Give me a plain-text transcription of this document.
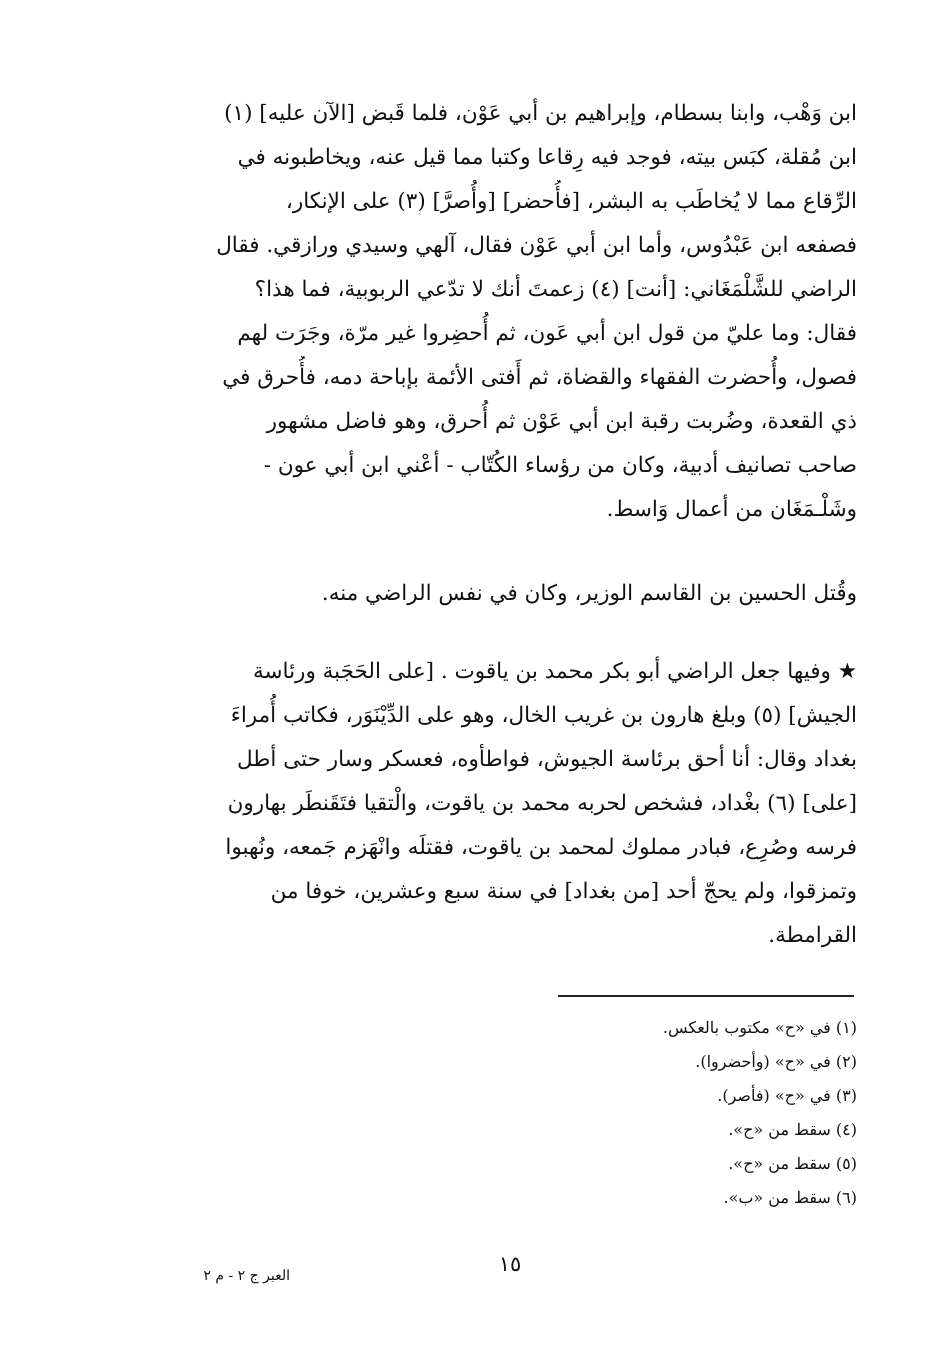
ابن وَهْب، وابنا بسطام، وإبراهيم بن أبي عَوْن، فلما قَبض [الآن عليه] (١)
ابن مُقلة، كبَس بيته، فوجد فيه رِقاعا وكتبا مما قيل عنه، ويخاطبونه في
الرِّقاع مما لا يُخاطَب به البشر، [فأُحضر] [وأُصرَّ] (٣) على الإنكار،
فصفعه ابن عَبْدُوس، وأما ابن أبي عَوْن فقال، آلهي وسيدي ورازقي. فقال
الراضي للشَّلْمَغَاني: [أنت] (٤) زعمتَ أنك لا تدّعي الربوبية، فما هذا؟
فقال: وما عليّ من قول ابن أبي عَون، ثم أُحضِروا غير مرّة، وجَرَت لهم
فصول، وأُحضرت الفقهاء والقضاة، ثم أَفتى الأئمة بإباحة دمه، فأُحرق في
ذي القعدة، وضُربت رقبة ابن أبي عَوْن ثم أُحرق، وهو فاضل مشهور
صاحب تصانيف أدبية، وكان من رؤساء الكُتّاب - أعْني ابن أبي عون -
وشَلْـمَغَان من أعمال وَاسط.
وقُتل الحسين بن القاسم الوزير، وكان في نفس الراضي منه.
★ وفيها جعل الراضي أبو بكر محمد بن ياقوت . [على الحَجَبة ورئاسة
الجيش] (٥) وبلغ هارون بن غريب الخال، وهو على الدِّيْنَوَر، فكاتب أُمراءَ
بغداد وقال: أنا أحق برئاسة الجيوش، فواطأوه، فعسكر وسار حتى أطل
[على] (٦) بغْداد، فشخص لحربه محمد بن ياقوت، والْتقيا فتَقَنطَر بهارون
فرسه وصُرِع، فبادر مملوك لمحمد بن ياقوت، فقتلَه وانْهَزم جَمعه، ونُهبوا
وتمزقوا، ولم يحجّ أحد [من بغداد] في سنة سبع وعشرين، خوفا من
القرامطة.
(١) في «ح» مكتوب بالعكس.
(٢) في «ح» (وأحضروا).
(٣) في «ح» (فأصر).
(٤) سقط من «ح».
(٥) سقط من «ح».
(٦) سقط من «ب».
١٥
العبر ج ٢ - م ٢
